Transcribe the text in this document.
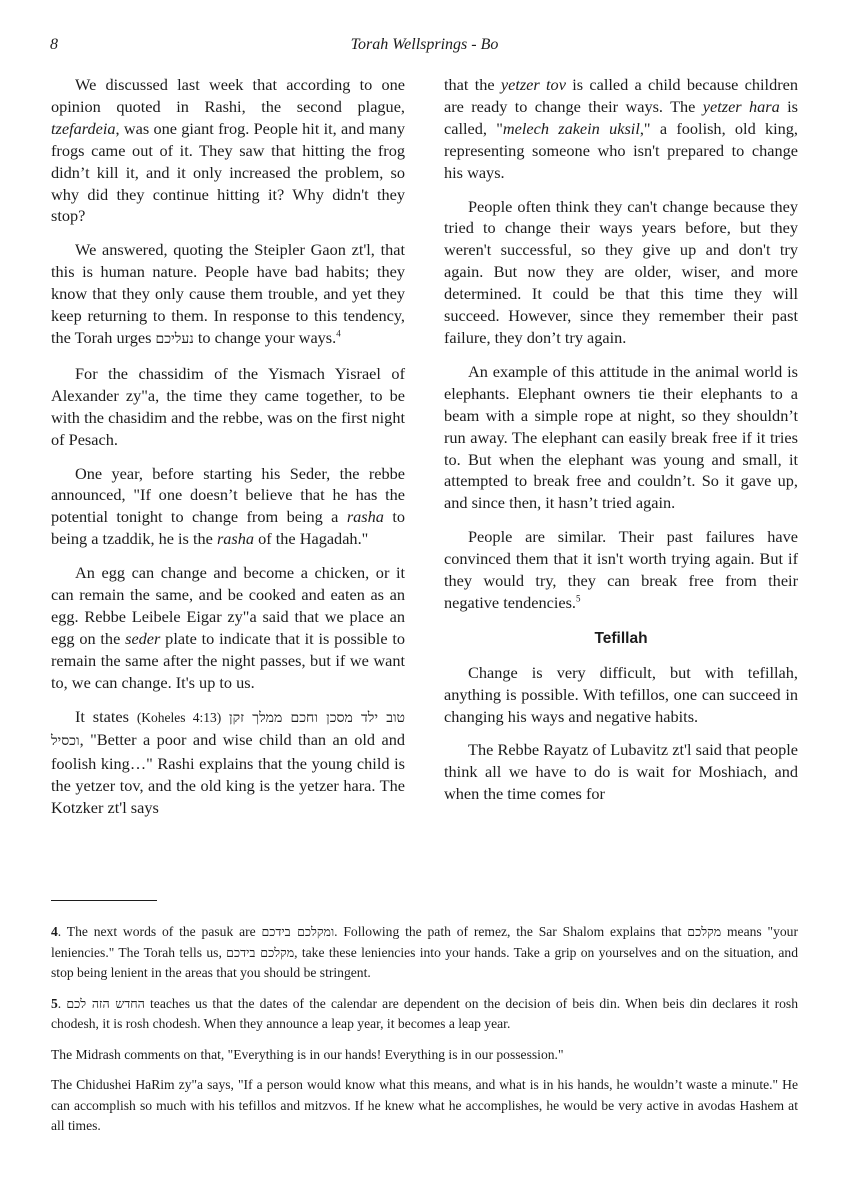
8	Torah Wellsprings - Bo

We discussed last week that according to one opinion quoted in Rashi, the second plague, tzefardeia, was one giant frog. People hit it, and many frogs came out of it. They saw that hitting the frog didn’t kill it, and it only increased the problem, so why did they continue hitting it? Why didn't they stop?

We answered, quoting the Steipler Gaon zt'l, that this is human nature. People have bad habits; they know that they only cause them trouble, and yet they keep returning to them. In response to this tendency, the Torah urges נעליכם to change your ways.$^4$

For the chassidim of the Yismach Yisrael of Alexander zy"a, the time they came together, to be with the chasidim and the rebbe, was on the first night of Pesach.

One year, before starting his Seder, the rebbe announced, "If one doesn’t believe that he has the potential tonight to change from being a rasha to being a tzaddik, he is the rasha of the Hagadah."

An egg can change and become a chicken, or it can remain the same, and be cooked and eaten as an egg. Rebbe Leibele Eigar zy"a said that we place an egg on the seder plate to indicate that it is possible to remain the same after the night passes, but if we want to, we can change. It's up to us.

It states (Koheles 4:13) טוב ילד מסכן וחכם ממלך זקן וכסיל, "Better a poor and wise child than an old and foolish king…" Rashi explains that the young child is the yetzer tov, and the old king is the yetzer hara. The Kotzker zt'l says

that the yetzer tov is called a child because children are ready to change their ways. The yetzer hara is called, "melech zakein uksil," a foolish, old king, representing someone who isn't prepared to change his ways.

People often think they can't change because they tried to change their ways years before, but they weren't successful, so they give up and don't try again. But now they are older, wiser, and more determined. It could be that this time they will succeed. However, since they remember their past failure, they don’t try again.

An example of this attitude in the animal world is elephants. Elephant owners tie their elephants to a beam with a simple rope at night, so they shouldn’t run away. The elephant can easily break free if it tries to. But when the elephant was young and small, it attempted to break free and couldn’t. So it gave up, and since then, it hasn’t tried again.

People are similar. Their past failures have convinced them that it isn't worth trying again. But if they would try, they can break free from their negative tendencies.$^5$

Tefillah

Change is very difficult, but with tefillah, anything is possible. With tefillos, one can succeed in changing his ways and negative habits.

The Rebbe Rayatz of Lubavitz zt'l said that people think all we have to do is wait for Moshiach, and when the time comes for

4. The next words of the pasuk are ומקלכם בידכם. Following the path of remez, the Sar Shalom explains that מקלכם means "your leniencies." The Torah tells us, מקלכם בידכם, take these leniencies into your hands. Take a grip on yourselves and on the situation, and stop being lenient in the areas that you should be stringent.

5. החדש הזה לכם teaches us that the dates of the calendar are dependent on the decision of beis din. When beis din declares it rosh chodesh, it is rosh chodesh. When they announce a leap year, it becomes a leap year.

The Midrash comments on that, "Everything is in our hands! Everything is in our possession."

The Chidushei HaRim zy"a says, "If a person would know what this means, and what is in his hands, he wouldn’t waste a minute." He can accomplish so much with his tefillos and mitzvos. If he knew what he accomplishes, he would be very active in avodas Hashem at all times.
